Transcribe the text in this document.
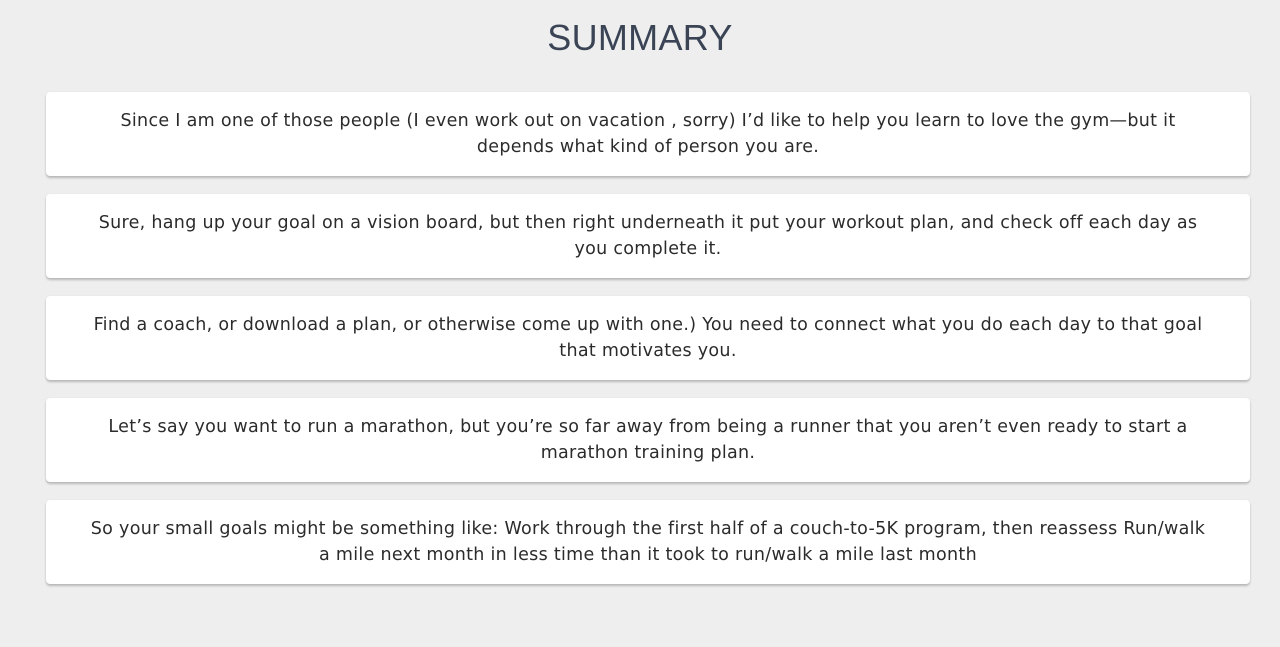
SUMMARY

Since I am one of those people (I even work out on vacation , sorry) I’d like to help you learn to love the gym—but it depends what kind of person you are.

Sure, hang up your goal on a vision board, but then right underneath it put your workout plan, and check off each day as you complete it.

Find a coach, or download a plan, or otherwise come up with one.) You need to connect what you do each day to that goal that motivates you.

Let’s say you want to run a marathon, but you’re so far away from being a runner that you aren’t even ready to start a marathon training plan.

So your small goals might be something like: Work through the first half of a couch-to-5K program, then reassess Run/walk a mile next month in less time than it took to run/walk a mile last month
